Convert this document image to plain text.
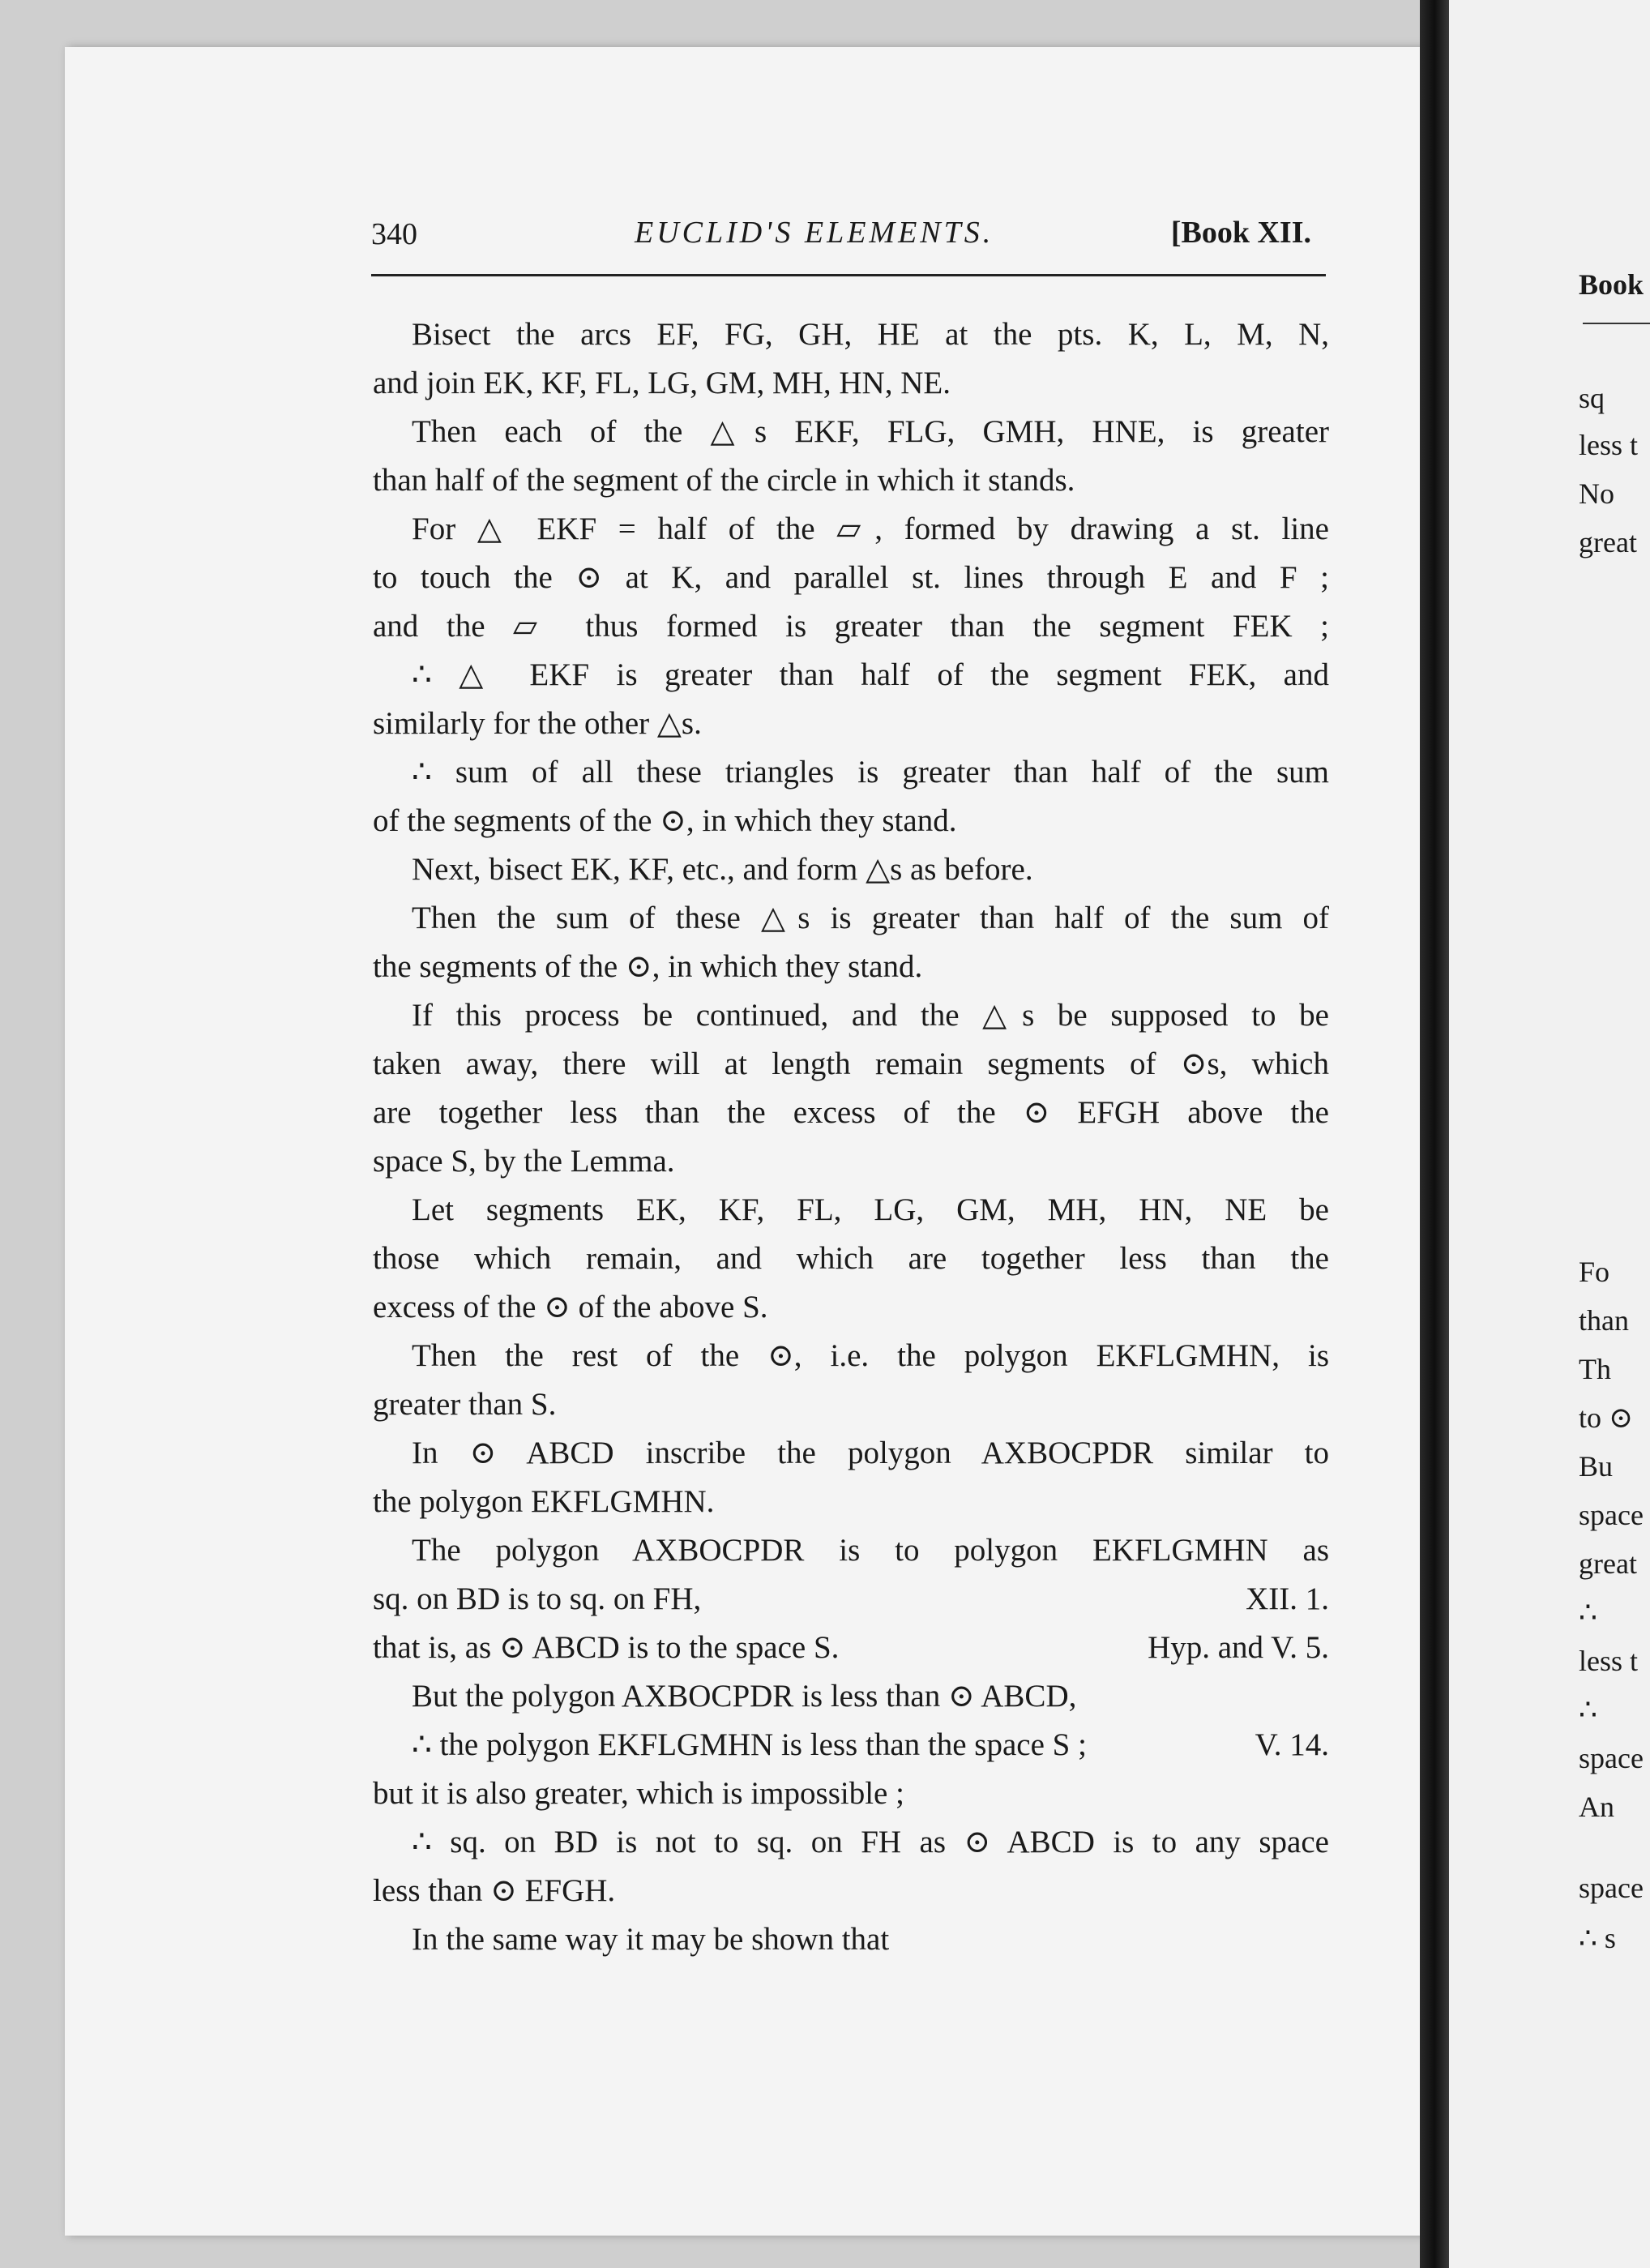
340	EUCLID'S ELEMENTS.	[Book XII.
Bisect the arcs EF, FG, GH, HE at the pts. K, L, M, N,
and join EK, KF, FL, LG, GM, MH, HN, NE.
Then each of the △s EKF, FLG, GMH, HNE, is greater
than half of the segment of the circle in which it stands.
For △ EKF = half of the ▱, formed by drawing a st. line
to touch the ⊙ at K, and parallel st. lines through E and F ;
and the ▱ thus formed is greater than the segment FEK ;
∴ △ EKF is greater than half of the segment FEK, and
similarly for the other △s.
∴ sum of all these triangles is greater than half of the sum
of the segments of the ⊙, in which they stand.
Next, bisect EK, KF, etc., and form △s as before.
Then the sum of these △s is greater than half of the sum of
the segments of the ⊙, in which they stand.
If this process be continued, and the △s be supposed to be
taken away, there will at length remain segments of ⊙s, which
are together less than the excess of the ⊙ EFGH above the
space S, by the Lemma.
Let segments EK, KF, FL, LG, GM, MH, HN, NE be
those which remain, and which are together less than the
excess of the ⊙ of the above S.
Then the rest of the ⊙, i.e. the polygon EKFLGMHN, is
greater than S.
In ⊙ ABCD inscribe the polygon AXBOCPDR similar to
the polygon EKFLGMHN.
The polygon AXBOCPDR is to polygon EKFLGMHN as
sq. on BD is to sq. on FH,	XII. 1.
that is, as ⊙ ABCD is to the space S.	Hyp. and V. 5.
But the polygon AXBOCPDR is less than ⊙ ABCD,
∴ the polygon EKFLGMHN is less than the space S ;	V. 14.
but it is also greater, which is impossible ;
∴ sq. on BD is not to sq. on FH as ⊙ ABCD is to any space
less than ⊙ EFGH.
In the same way it may be shown that
Book
sq
less t
No
great
Fo
than
Th
to ⊙
Bu
space
great
∴
less t
∴
space
An
space
∴ s
